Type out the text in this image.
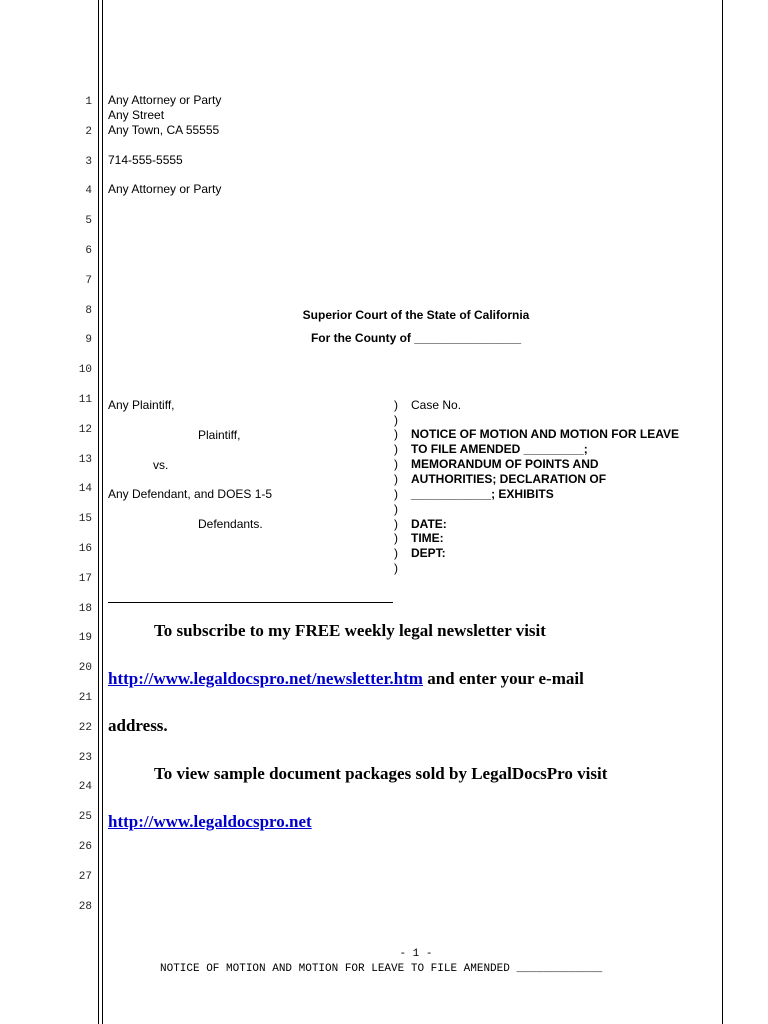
1
2
3
4
5
6
7
8
9
10
11
12
13
14
15
16
17
18
19
20
21
22
23
24
25
26
27
28
Any Attorney or Party
Any Street
Any Town, CA 55555
714-555-5555
Any Attorney or Party
Superior Court of the State of California
For the County of ________________
Any Plaintiff,
Plaintiff,
vs.
Any Defendant, and DOES 1-5
Defendants.
)
)
)
)
)
)
)
)
)
)
)
)
Case No.
NOTICE OF MOTION AND MOTION FOR LEAVE
TO FILE AMENDED _________;
MEMORANDUM OF POINTS AND
AUTHORITIES; DECLARATION OF
____________; EXHIBITS
DATE:
TIME:
DEPT:
To subscribe to my FREE weekly legal newsletter visit
http://www.legaldocspro.net/newsletter.htm and enter your e-mail
address.
To view sample document packages sold by LegalDocsPro visit
http://www.legaldocspro.net
- 1 -
NOTICE OF MOTION AND MOTION FOR LEAVE TO FILE AMENDED _____________
